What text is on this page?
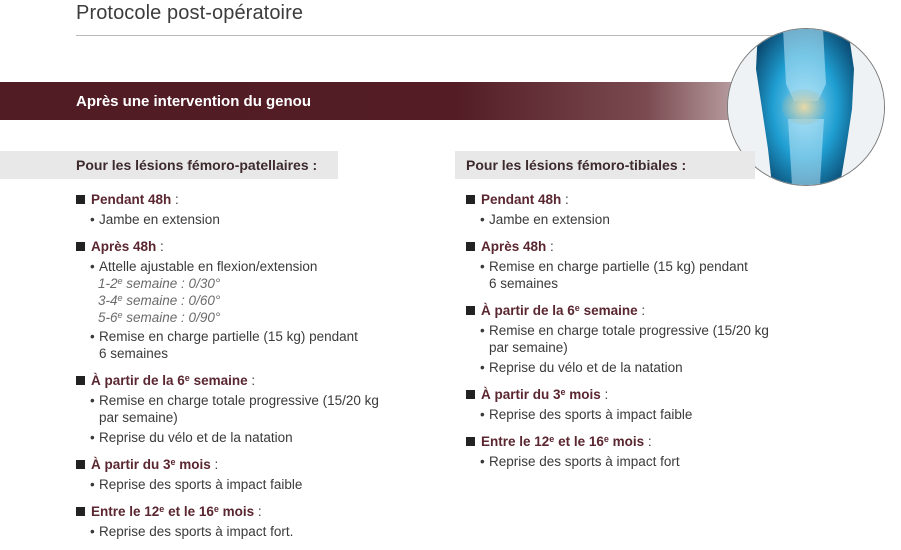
Protocole post-opératoire
Après une intervention du genou
Pour les lésions fémoro-patellaires :	Pour les lésions fémoro-tibiales :
Pendant 48h :
• Jambe en extension
Après 48h :
• Attelle ajustable en flexion/extension
1-2e semaine : 0/30°
3-4e semaine : 0/60°
5-6e semaine : 0/90°
• Remise en charge partielle (15 kg) pendant
6 semaines
À partir de la 6e semaine :
• Remise en charge totale progressive (15/20 kg
par semaine)
• Reprise du vélo et de la natation
À partir du 3e mois :
• Reprise des sports à impact faible
Entre le 12e et le 16e mois :
• Reprise des sports à impact fort.
Pendant 48h :
• Jambe en extension
Après 48h :
• Remise en charge partielle (15 kg) pendant
6 semaines
À partir de la 6e semaine :
• Remise en charge totale progressive (15/20 kg
par semaine)
• Reprise du vélo et de la natation
À partir du 3e mois :
• Reprise des sports à impact faible
Entre le 12e et le 16e mois :
• Reprise des sports à impact fort
